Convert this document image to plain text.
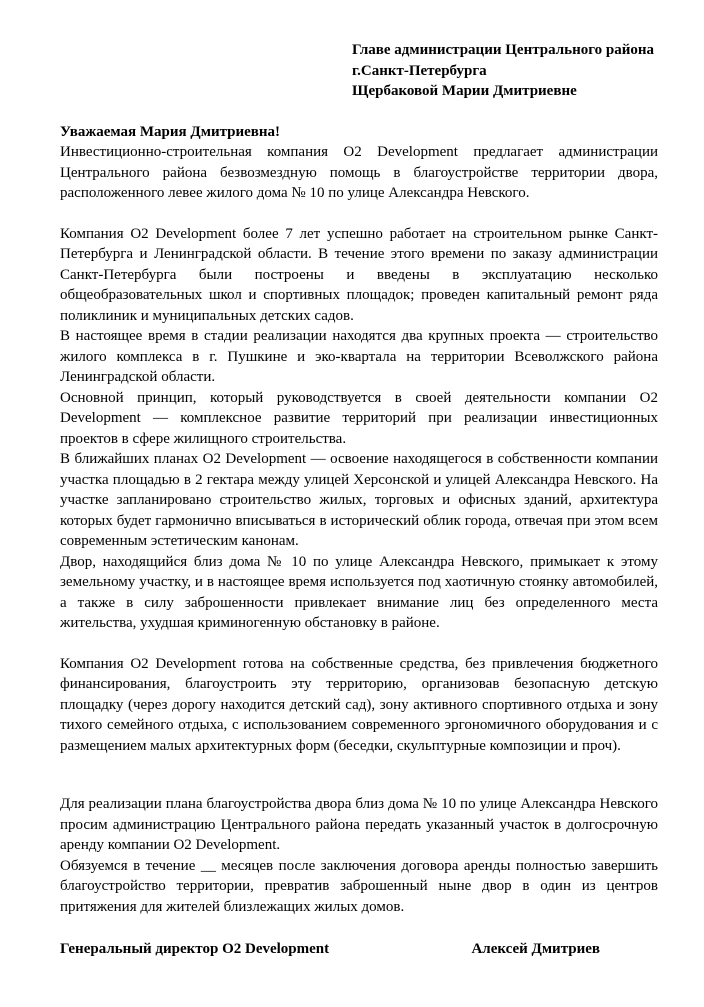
Главе администрации Центрального района

г.Санкт-Петербурга

Щербаковой Марии Дмитриевне

Уважаемая Мария Дмитриевна!

Инвестиционно-строительная компания О2 Development предлагает администрации Центрального района безвозмездную помощь в благоустройстве территории двора, расположенного левее жилого дома № 10 по улице Александра Невского.

Компания О2 Development более 7 лет успешно работает на строительном рынке Санкт-Петербурга и Ленинградской области. В течение этого времени по заказу администрации Санкт-Петербурга были построены и введены в эксплуатацию несколько общеобразовательных школ и спортивных площадок; проведен капитальный ремонт ряда поликлиник и муниципальных детских садов.

В настоящее время в стадии реализации находятся два крупных проекта — строительство жилого комплекса в г. Пушкине и эко-квартала на территории Всеволжского района Ленинградской области.

Основной принцип, который руководствуется в своей деятельности компании О2 Development — комплексное развитие территорий при реализации инвестиционных проектов в сфере жилищного строительства.

В ближайших планах О2 Development — освоение находящегося в собственности компании участка площадью в 2 гектара между улицей Херсонской и улицей Александра Невского. На участке запланировано строительство жилых, торговых и офисных зданий, архитектура которых будет гармонично вписываться в исторический облик города, отвечая при этом всем современным эстетическим канонам.

Двор, находящийся близ дома № 10 по улице Александра Невского, примыкает к этому земельному участку, и в настоящее время используется под хаотичную стоянку автомобилей, а также в силу заброшенности привлекает внимание лиц без определенного места жительства, ухудшая криминогенную обстановку в районе.

Компания О2 Development готова на собственные средства, без привлечения бюджетного финансирования, благоустроить эту территорию, организовав безопасную детскую площадку (через дорогу находится детский сад), зону активного спортивного отдыха и зону тихого семейного отдыха, с использованием современного эргономичного оборудования и с размещением малых архитектурных форм (беседки, скульптурные композиции и проч).

Для реализации плана благоустройства двора близ дома № 10 по улице Александра Невского просим администрацию Центрального района передать указанный участок в долгосрочную аренду компании О2 Development.

Обязуемся в течение __ месяцев после заключения договора аренды полностью завершить благоустройство территории, превратив заброшенный ныне двор в один из центров притяжения для жителей близлежащих жилых домов.

Генеральный директор О2 Development	Алексей Дмитриев
